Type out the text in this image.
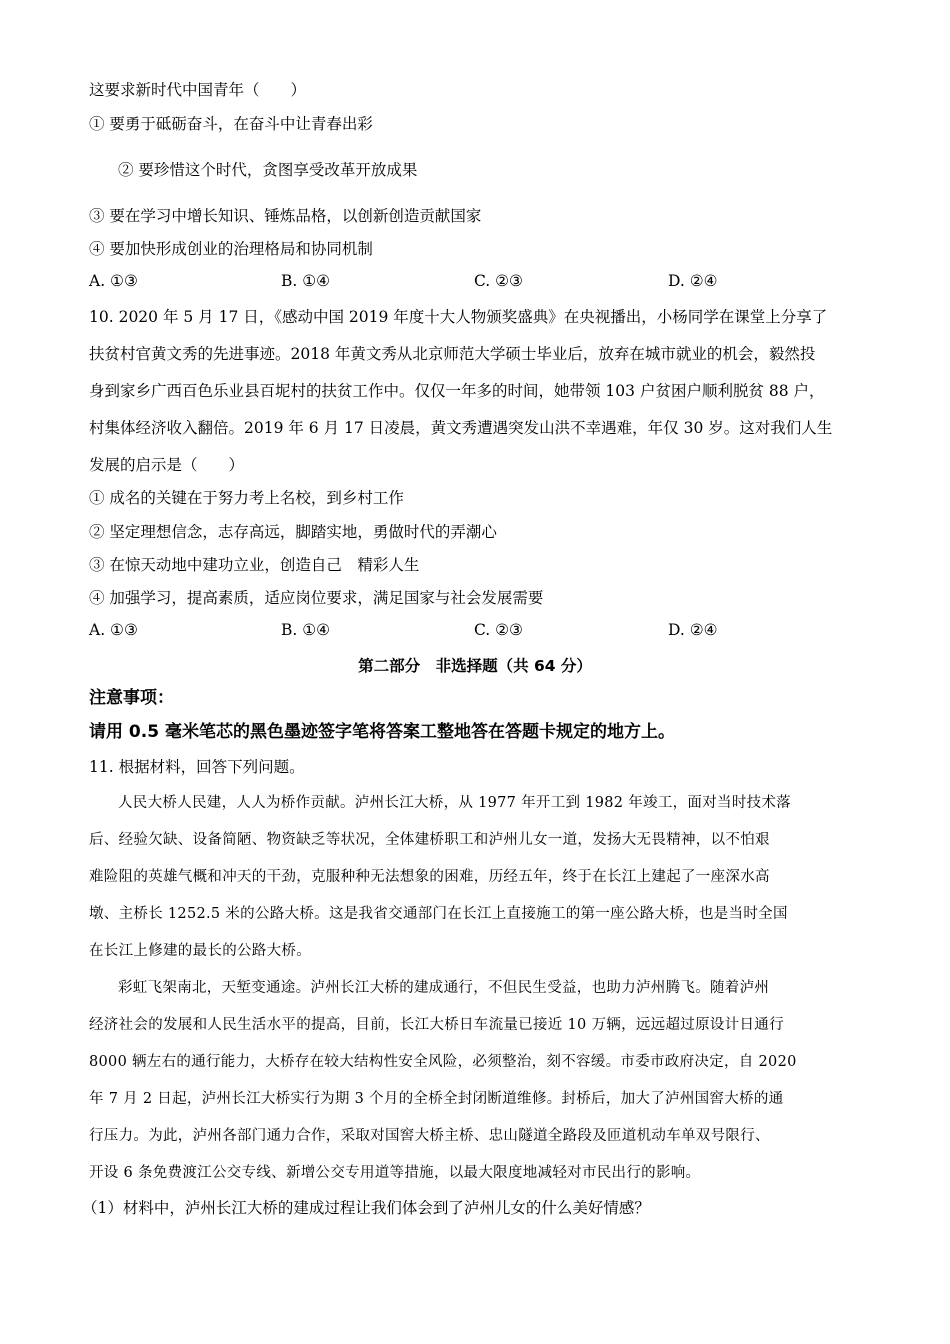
这要求新时代中国青年（　　）
① 要勇于砥砺奋斗，在奋斗中让青春出彩
② 要珍惜这个时代，贪图享受改革开放成果
③ 要在学习中增长知识、锤炼品格，以创新创造贡献国家
④ 要加快形成创业的治理格局和协同机制
A. ①③	B. ①④	C. ②③	D. ②④
10. 2020 年 5 月 17 日，《感动中国 2019 年度十大人物颁奖盛典》在央视播出，小杨同学在课堂上分享了
扶贫村官黄文秀的先进事迹。2018 年黄文秀从北京师范大学硕士毕业后，放弃在城市就业的机会，毅然投
身到家乡广西百色乐业县百坭村的扶贫工作中。仅仅一年多的时间，她带领 103 户贫困户顺利脱贫 88 户，
村集体经济收入翻倍。2019 年 6 月 17 日凌晨，黄文秀遭遇突发山洪不幸遇难，年仅 30 岁。这对我们人生
发展的启示是（　　）
① 成名的关键在于努力考上名校，到乡村工作
② 坚定理想信念，志存高远，脚踏实地，勇做时代的弄潮心
③ 在惊天动地中建功立业，创造自己　精彩人生
④ 加强学习，提高素质，适应岗位要求，满足国家与社会发展需要
A. ①③	B. ①④	C. ②③	D. ②④
第二部分　非选择题（共 64 分）
注意事项：
请用 0.5 毫米笔芯的黑色墨迹签字笔将答案工整地答在答题卡规定的地方上。
11. 根据材料，回答下列问题。
人民大桥人民建，人人为桥作贡献。泸州长江大桥，从 1977 年开工到 1982 年竣工，面对当时技术落
后、经验欠缺、设备简陋、物资缺乏等状况，全体建桥职工和泸州儿女一道，发扬大无畏精神，以不怕艰
难险阻的英雄气概和冲天的干劲，克服种种无法想象的困难，历经五年，终于在长江上建起了一座深水高
墩、主桥长 1252.5 米的公路大桥。这是我省交通部门在长江上直接施工的第一座公路大桥，也是当时全国
在长江上修建的最长的公路大桥。
彩虹飞架南北，天堑变通途。泸州长江大桥的建成通行，不但民生受益，也助力泸州腾飞。随着泸州
经济社会的发展和人民生活水平的提高，目前，长江大桥日车流量已接近 10 万辆，远远超过原设计日通行
8000 辆左右的通行能力，大桥存在较大结构性安全风险，必须整治，刻不容缓。市委市政府决定，自 2020
年 7 月 2 日起，泸州长江大桥实行为期 3 个月的全桥全封闭断道维修。封桥后，加大了泸州国窖大桥的通
行压力。为此，泸州各部门通力合作，采取对国窖大桥主桥、忠山隧道全路段及匝道机动车单双号限行、
开设 6 条免费渡江公交专线、新增公交专用道等措施，以最大限度地减轻对市民出行的影响。
（1）材料中，泸州长江大桥的建成过程让我们体会到了泸州儿女的什么美好情感？
